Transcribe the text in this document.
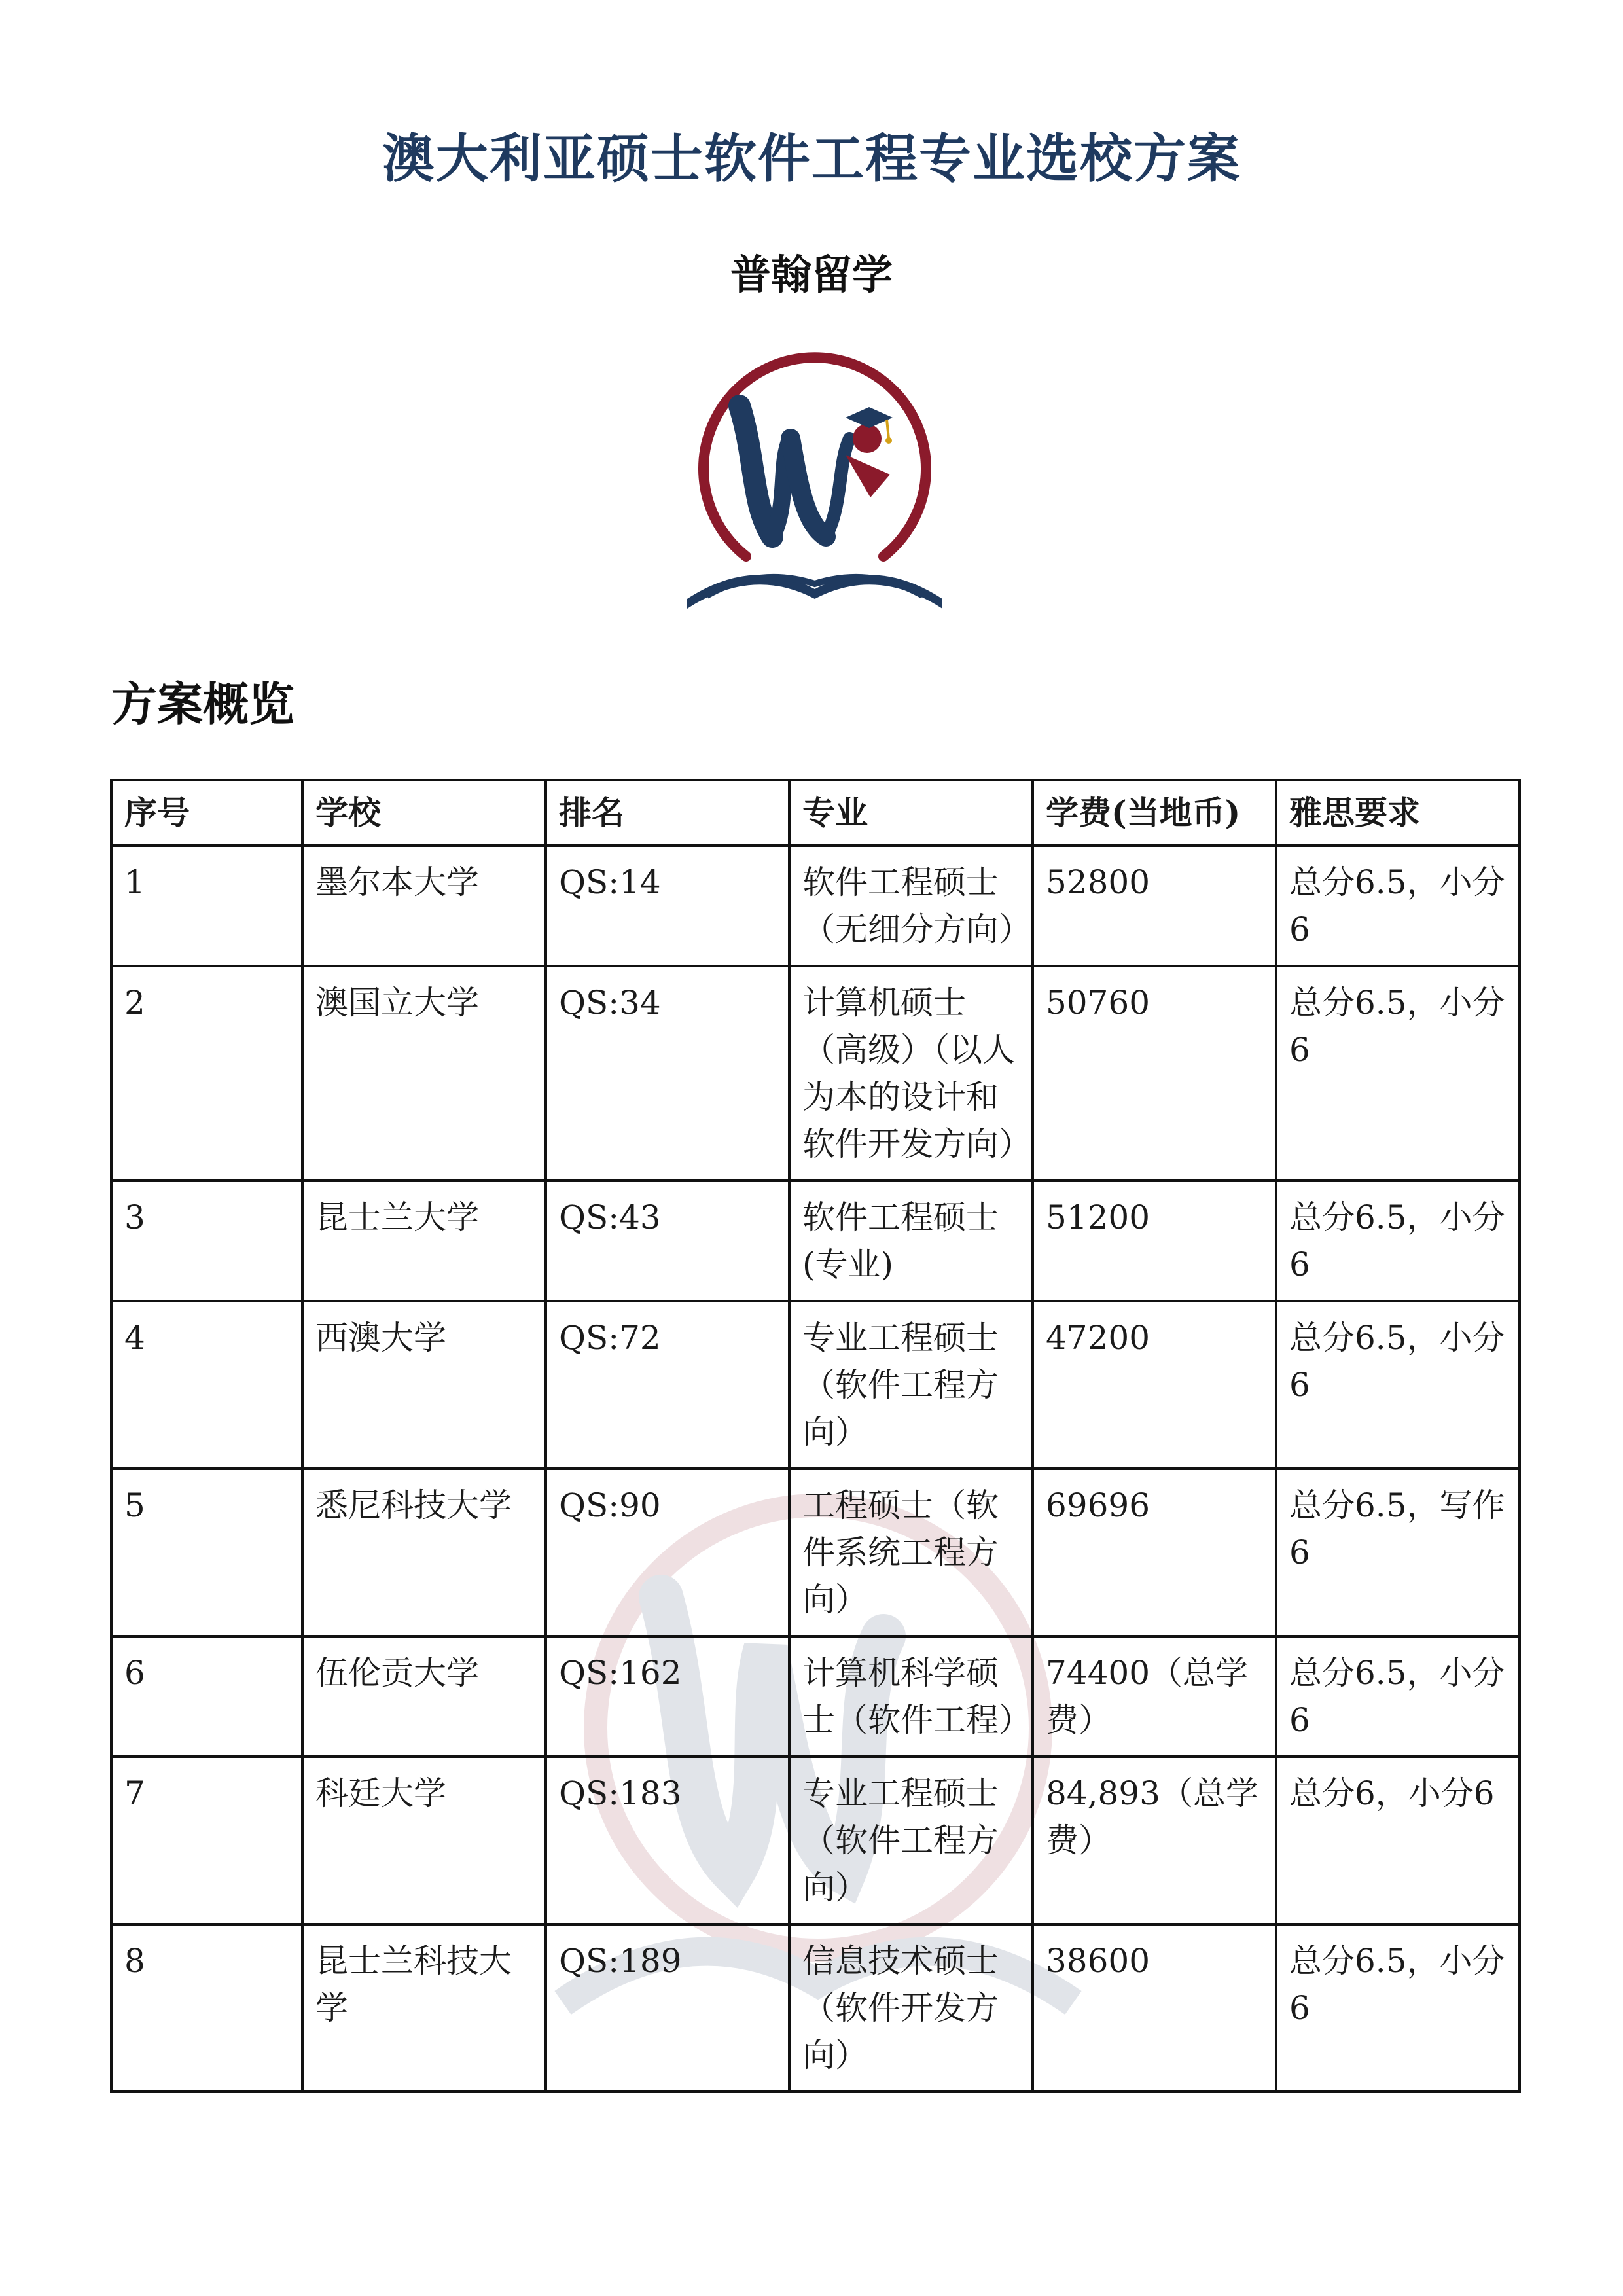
澳大利亚硕士软件工程专业选校方案
普翰留学
方案概览
序号	学校	排名	专业	学费(当地币)	雅思要求
1	墨尔本大学	QS:14	软件工程硕士（无细分方向）	52800	总分6.5，小分6
2	澳国立大学	QS:34	计算机硕士（高级）（以人为本的设计和软件开发方向）	50760	总分6.5，小分6
3	昆士兰大学	QS:43	软件工程硕士(专业)	51200	总分6.5，小分6
4	西澳大学	QS:72	专业工程硕士（软件工程方向）	47200	总分6.5，小分6
5	悉尼科技大学	QS:90	工程硕士（软件系统工程方向）	69696	总分6.5，写作6
6	伍伦贡大学	QS:162	计算机科学硕士（软件工程）	74400（总学费）	总分6.5，小分6
7	科廷大学	QS:183	专业工程硕士（软件工程方向）	84,893（总学费）	总分6，小分6
8	昆士兰科技大学	QS:189	信息技术硕士（软件开发方向）	38600	总分6.5，小分6
